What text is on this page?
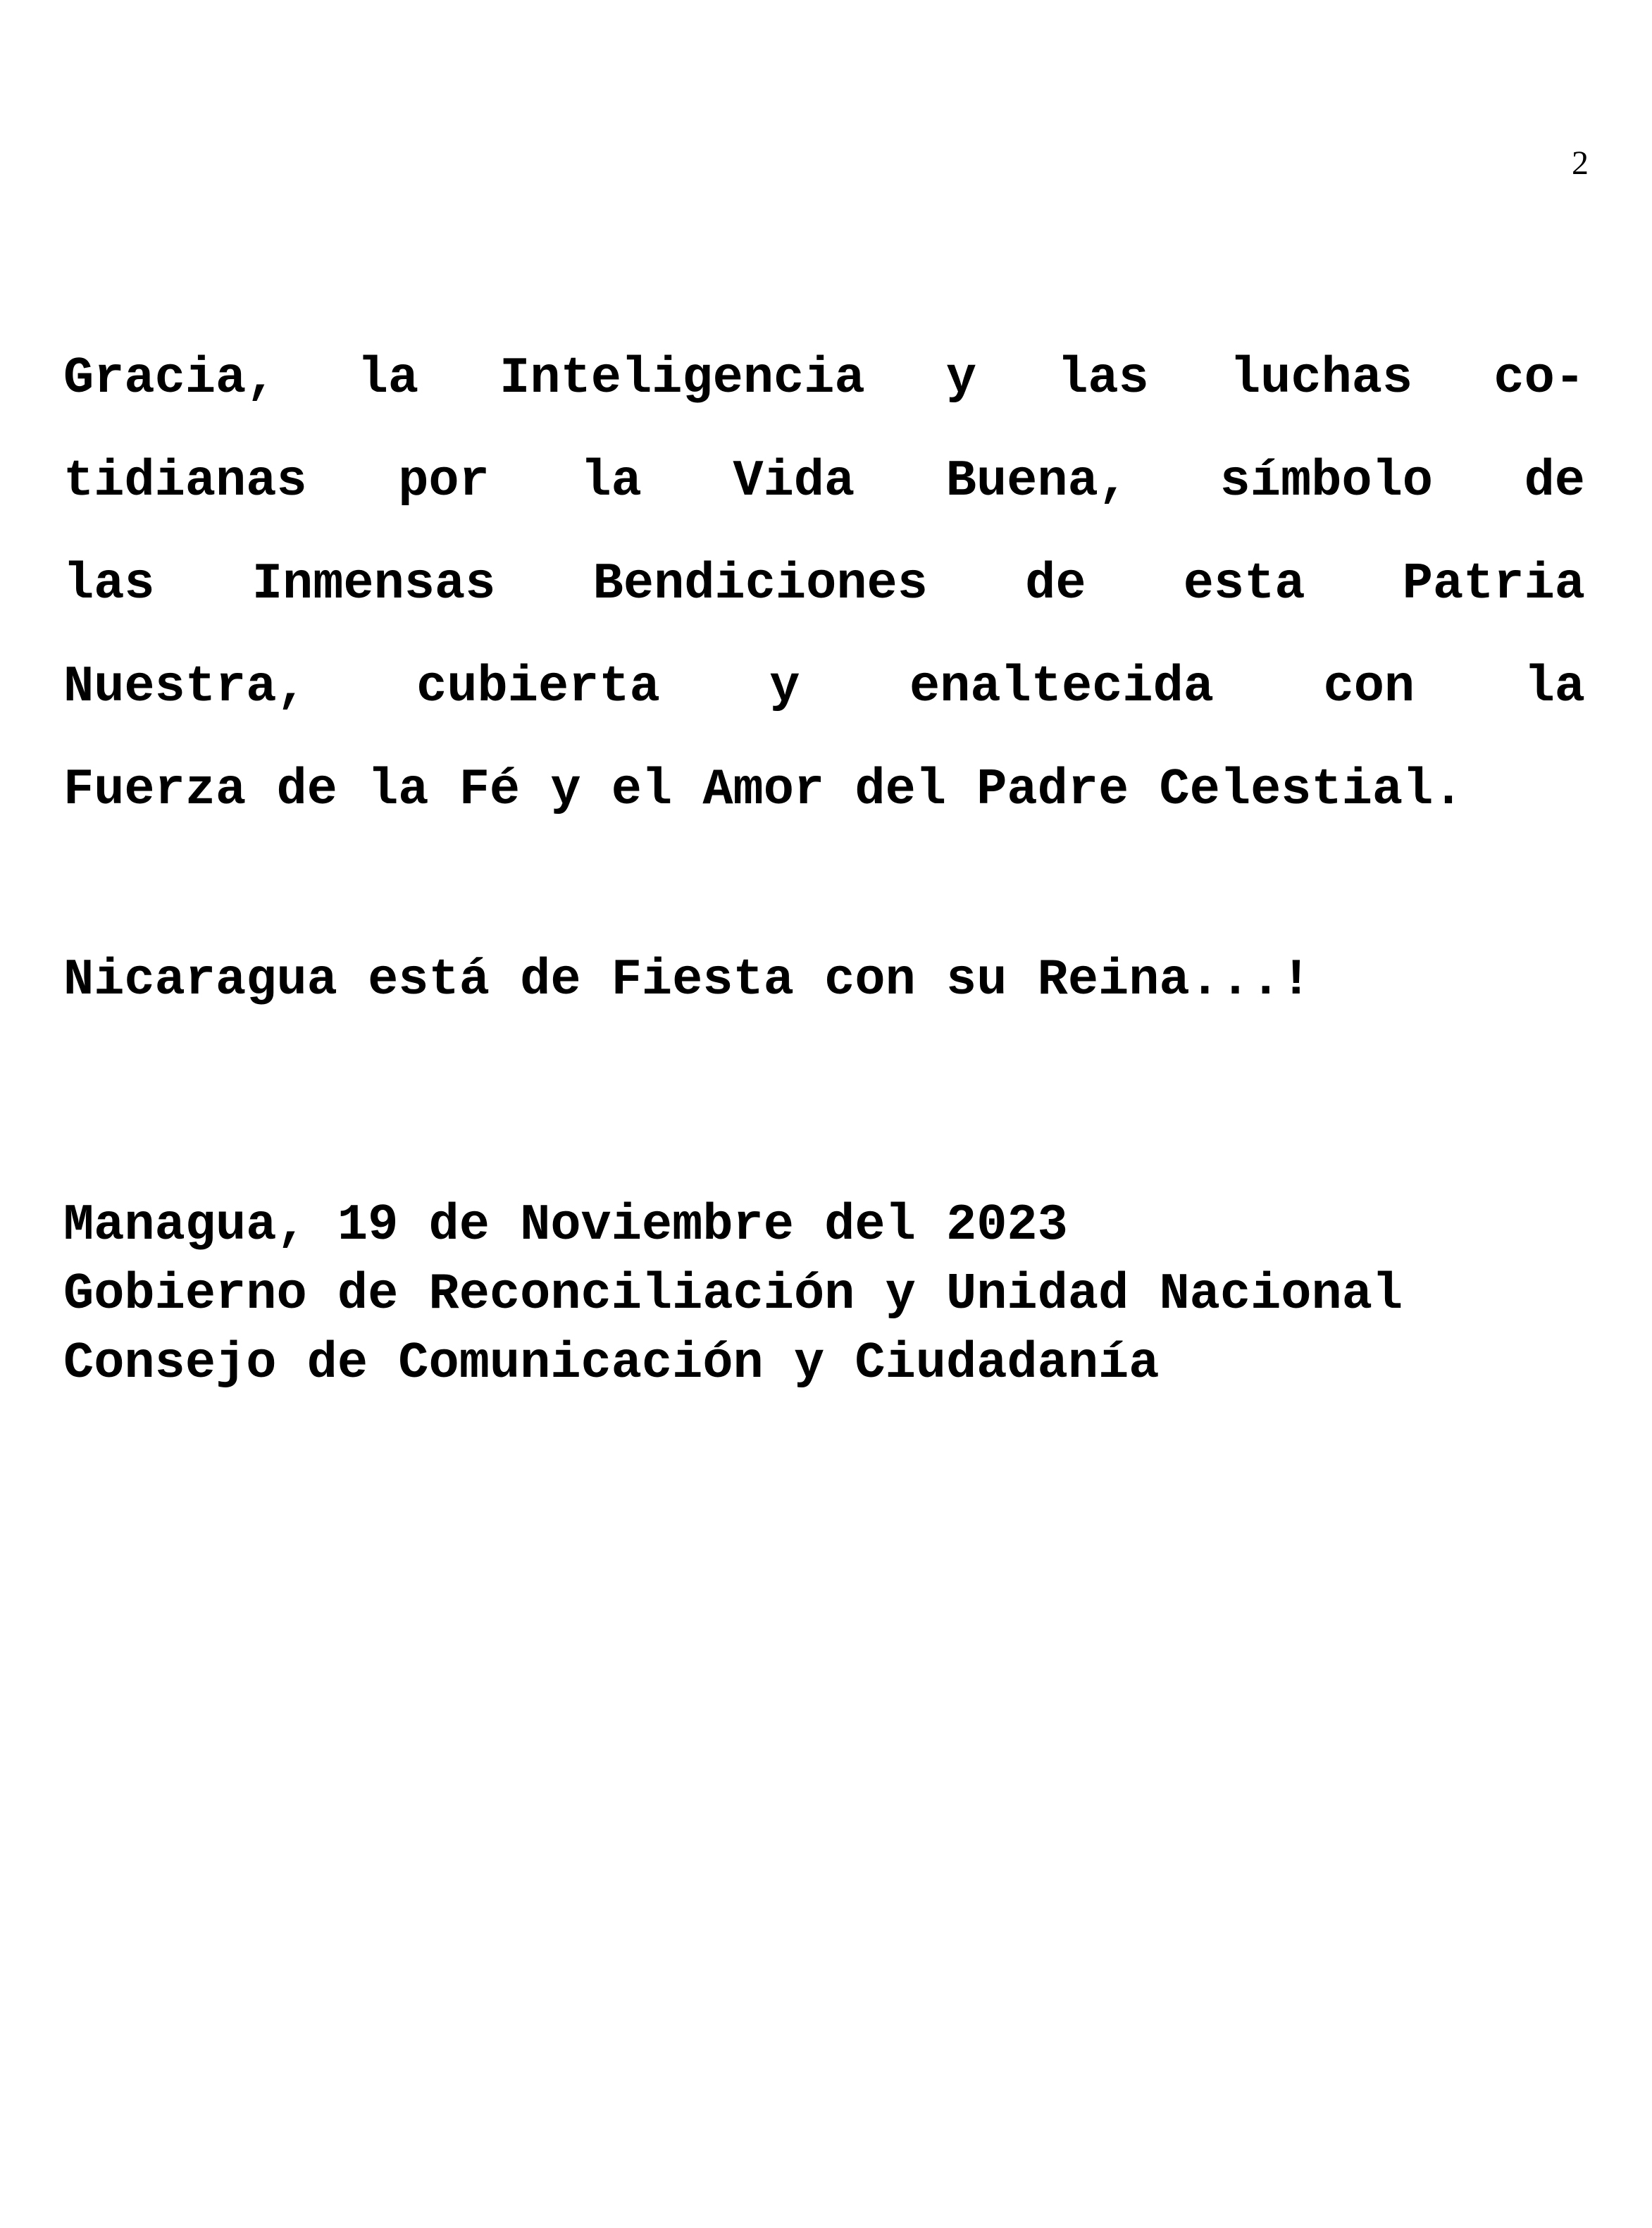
2
Gracia, la Inteligencia y las luchas co-
tidianas por la Vida Buena, símbolo de
las Inmensas Bendiciones de esta Patria
Nuestra, cubierta y enaltecida con la
Fuerza de la Fé y el Amor del Padre Celestial.
Nicaragua está de Fiesta con su Reina...!
Managua, 19 de Noviembre del 2023
Gobierno de Reconciliación y Unidad Nacional
Consejo de Comunicación y Ciudadanía
